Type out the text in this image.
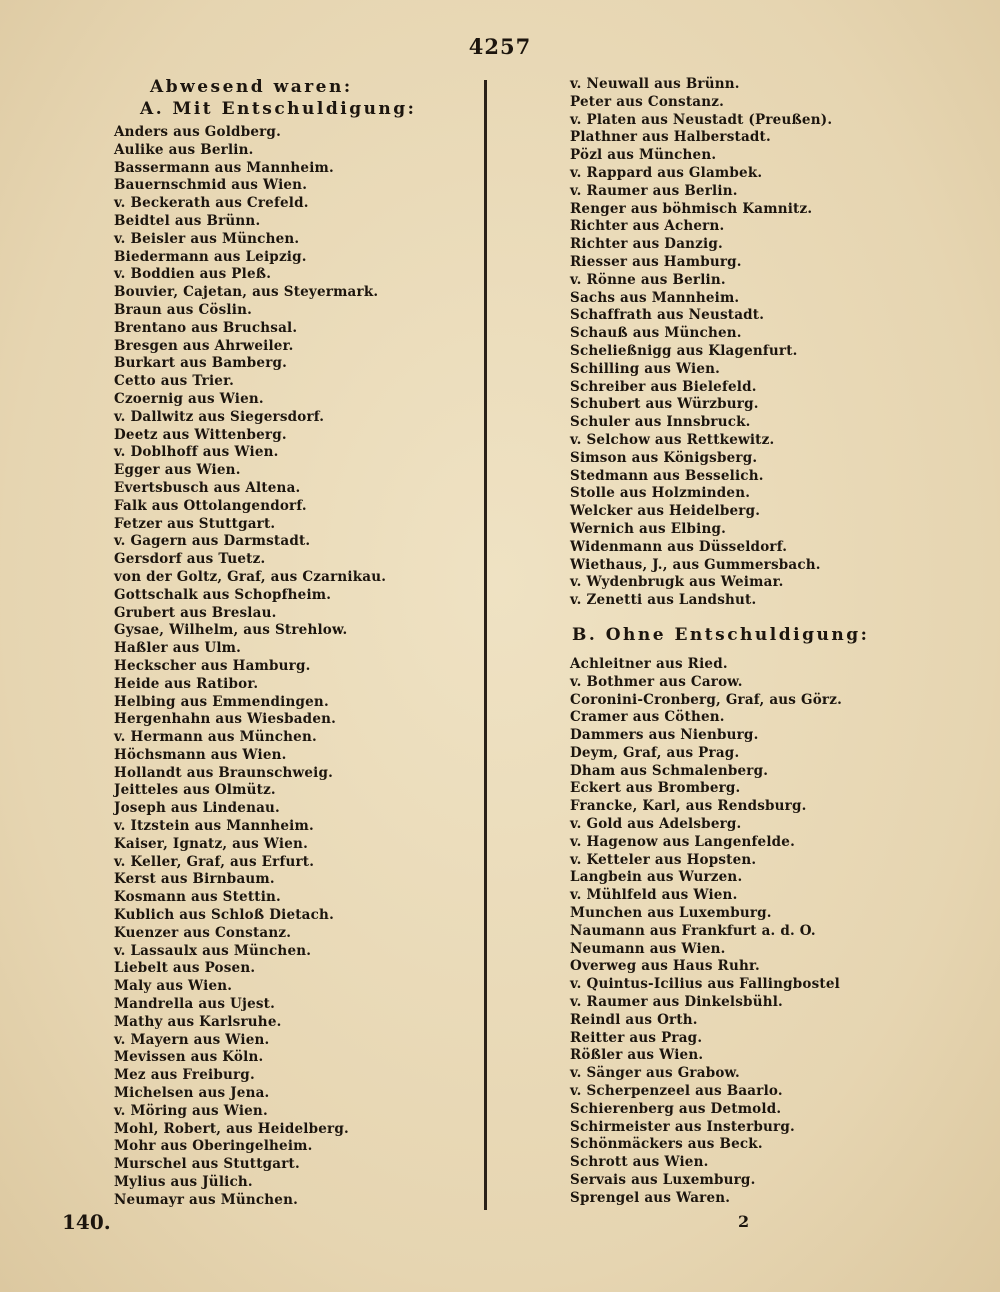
4257
Abwesend waren:
A. Mit Entschuldigung:
Anders aus Goldberg.
Aulike aus Berlin.
Bassermann aus Mannheim.
Bauernschmid aus Wien.
v. Beckerath aus Crefeld.
Beidtel aus Brünn.
v. Beisler aus München.
Biedermann aus Leipzig.
v. Boddien aus Pleß.
Bouvier, Cajetan, aus Steyermark.
Braun aus Cöslin.
Brentano aus Bruchsal.
Bresgen aus Ahrweiler.
Burkart aus Bamberg.
Cetto aus Trier.
Czoernig aus Wien.
v. Dallwitz aus Siegersdorf.
Deetz aus Wittenberg.
v. Doblhoff aus Wien.
Egger aus Wien.
Evertsbusch aus Altena.
Falk aus Ottolangendorf.
Fetzer aus Stuttgart.
v. Gagern aus Darmstadt.
Gersdorf aus Tuetz.
von der Goltz, Graf, aus Czarnikau.
Gottschalk aus Schopfheim.
Grubert aus Breslau.
Gysae, Wilhelm, aus Strehlow.
Haßler aus Ulm.
Heckscher aus Hamburg.
Heide aus Ratibor.
Helbing aus Emmendingen.
Hergenhahn aus Wiesbaden.
v. Hermann aus München.
Höchsmann aus Wien.
Hollandt aus Braunschweig.
Jeitteles aus Olmütz.
Joseph aus Lindenau.
v. Itzstein aus Mannheim.
Kaiser, Ignatz, aus Wien.
v. Keller, Graf, aus Erfurt.
Kerst aus Birnbaum.
Kosmann aus Stettin.
Kublich aus Schloß Dietach.
Kuenzer aus Constanz.
v. Lassaulx aus München.
Liebelt aus Posen.
Maly aus Wien.
Mandrella aus Ujest.
Mathy aus Karlsruhe.
v. Mayern aus Wien.
Mevissen aus Köln.
Mez aus Freiburg.
Michelsen aus Jena.
v. Möring aus Wien.
Mohl, Robert, aus Heidelberg.
Mohr aus Oberingelheim.
Murschel aus Stuttgart.
Mylius aus Jülich.
Neumayr aus München.
v. Neuwall aus Brünn.
Peter aus Constanz.
v. Platen aus Neustadt (Preußen).
Plathner aus Halberstadt.
Pözl aus München.
v. Rappard aus Glambek.
v. Raumer aus Berlin.
Renger aus böhmisch Kamnitz.
Richter aus Achern.
Richter aus Danzig.
Riesser aus Hamburg.
v. Rönne aus Berlin.
Sachs aus Mannheim.
Schaffrath aus Neustadt.
Schauß aus München.
Scheließnigg aus Klagenfurt.
Schilling aus Wien.
Schreiber aus Bielefeld.
Schubert aus Würzburg.
Schuler aus Innsbruck.
v. Selchow aus Rettkewitz.
Simson aus Königsberg.
Stedmann aus Besselich.
Stolle aus Holzminden.
Welcker aus Heidelberg.
Wernich aus Elbing.
Widenmann aus Düsseldorf.
Wiethaus, J., aus Gummersbach.
v. Wydenbrugk aus Weimar.
v. Zenetti aus Landshut.
B. Ohne Entschuldigung:
Achleitner aus Ried.
v. Bothmer aus Carow.
Coronini-Cronberg, Graf, aus Görz.
Cramer aus Cöthen.
Dammers aus Nienburg.
Deym, Graf, aus Prag.
Dham aus Schmalenberg.
Eckert aus Bromberg.
Francke, Karl, aus Rendsburg.
v. Gold aus Adelsberg.
v. Hagenow aus Langenfelde.
v. Ketteler aus Hopsten.
Langbein aus Wurzen.
v. Mühlfeld aus Wien.
Munchen aus Luxemburg.
Naumann aus Frankfurt a. d. O.
Neumann aus Wien.
Overweg aus Haus Ruhr.
v. Quintus-Icilius aus Fallingbostel
v. Raumer aus Dinkelsbühl.
Reindl aus Orth.
Reitter aus Prag.
Rößler aus Wien.
v. Sänger aus Grabow.
v. Scherpenzeel aus Baarlo.
Schierenberg aus Detmold.
Schirmeister aus Insterburg.
Schönmäckers aus Beck.
Schrott aus Wien.
Servais aus Luxemburg.
Sprengel aus Waren.
140.	2
